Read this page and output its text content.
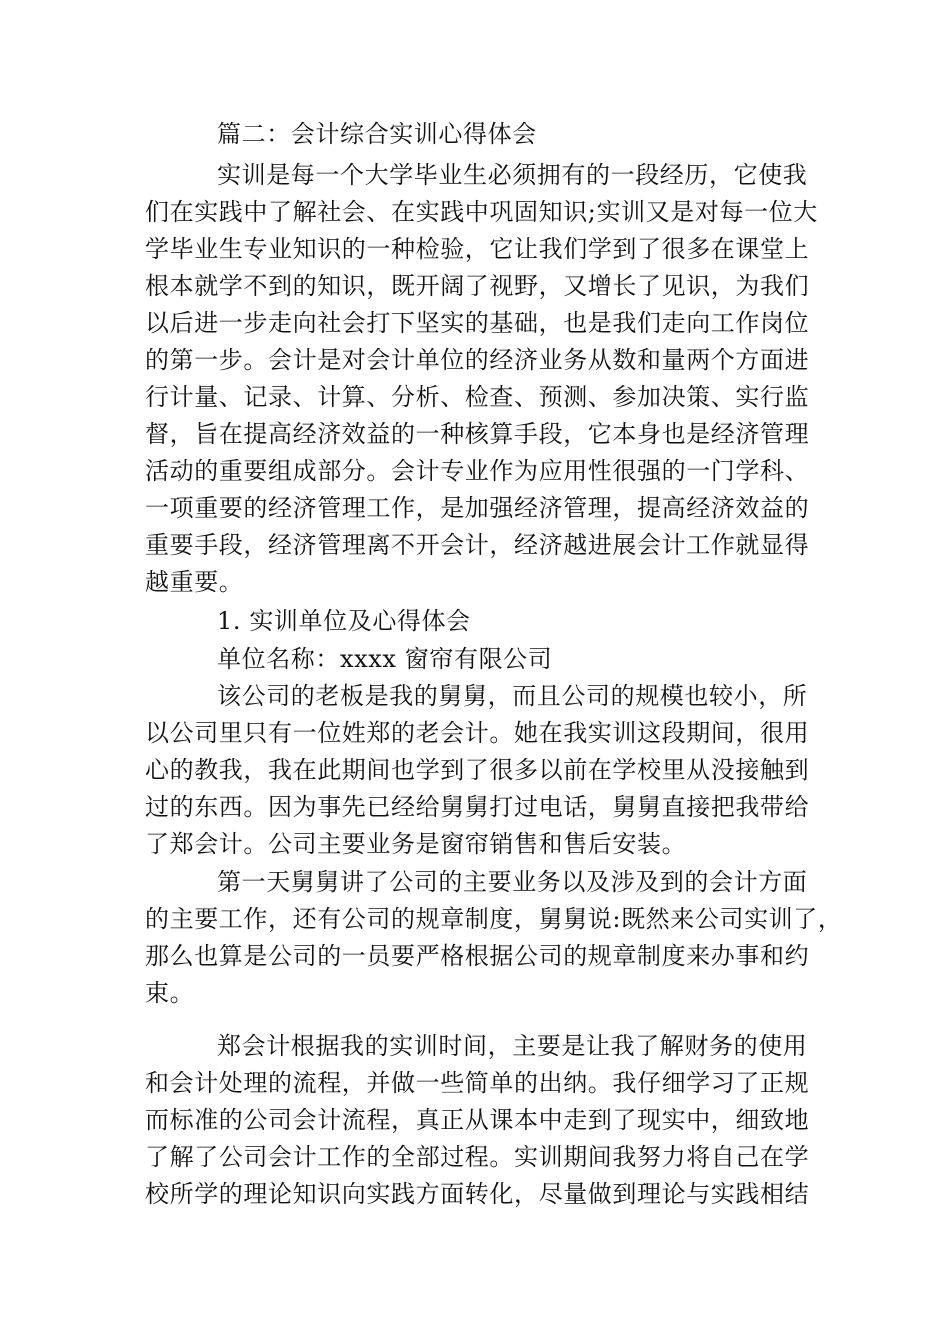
篇二：会计综合实训心得体会
实训是每一个大学毕业生必须拥有的一段经历，它使我
们在实践中了解社会、在实践中巩固知识;实训又是对每一位大
学毕业生专业知识的一种检验，它让我们学到了很多在课堂上
根本就学不到的知识，既开阔了视野，又增长了见识，为我们
以后进一步走向社会打下坚实的基础，也是我们走向工作岗位
的第一步。会计是对会计单位的经济业务从数和量两个方面进
行计量、记录、计算、分析、检查、预测、参加决策、实行监
督，旨在提高经济效益的一种核算手段，它本身也是经济管理
活动的重要组成部分。会计专业作为应用性很强的一门学科、
一项重要的经济管理工作，是加强经济管理，提高经济效益的
重要手段，经济管理离不开会计，经济越进展会计工作就显得
越重要。
1. 实训单位及心得体会
单位名称：xxxx 窗帘有限公司
该公司的老板是我的舅舅，而且公司的规模也较小，所
以公司里只有一位姓郑的老会计。她在我实训这段期间，很用
心的教我，我在此期间也学到了很多以前在学校里从没接触到
过的东西。因为事先已经给舅舅打过电话，舅舅直接把我带给
了郑会计。公司主要业务是窗帘销售和售后安装。
第一天舅舅讲了公司的主要业务以及涉及到的会计方面
的主要工作，还有公司的规章制度，舅舅说:既然来公司实训了，
那么也算是公司的一员要严格根据公司的规章制度来办事和约
束。
郑会计根据我的实训时间，主要是让我了解财务的使用
和会计处理的流程，并做一些简单的出纳。我仔细学习了正规
而标准的公司会计流程，真正从课本中走到了现实中，细致地
了解了公司会计工作的全部过程。实训期间我努力将自己在学
校所学的理论知识向实践方面转化，尽量做到理论与实践相结
